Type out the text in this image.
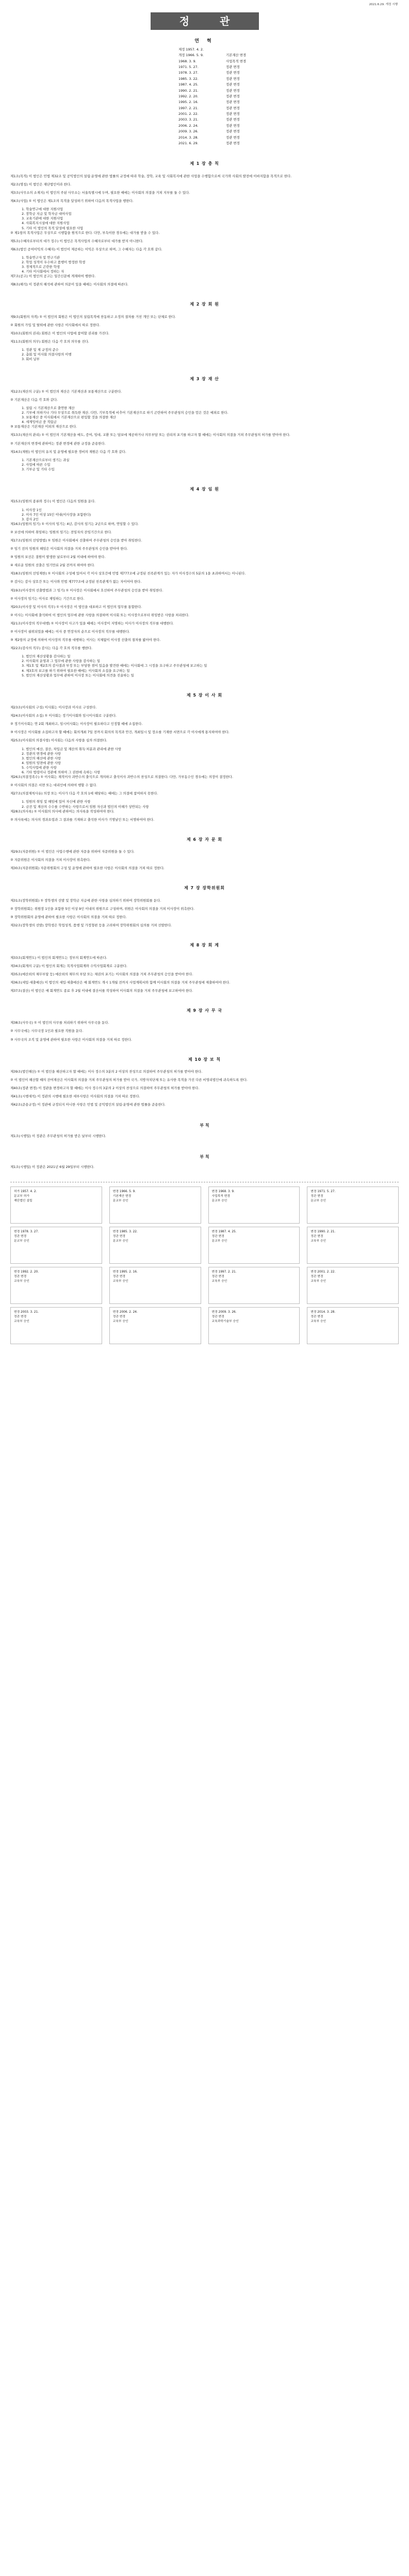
2021.6.29. 개정 시행
정 관
연 혁
제정 1957. 4. 2.
개정 1966. 5. 9.	기본재산 변경
1968. 3. 9.	사업목적 변경
1971. 5. 27.	정관 변경
1978. 3. 27.	정관 변경
1985. 3. 22.	정관 변경
1987. 4. 25.	정관 변경
1990. 2. 21.	정관 변경
1992. 2. 20.	정관 변경
1995. 2. 16.	정관 변경
1997. 2. 21.	정관 변경
2001. 2. 22.	정관 변경
2003. 3. 21.	정관 변경
2006. 2. 24.	정관 변경
2009. 3. 26.	정관 변경
2014. 3. 28.	정관 변경
2021. 6. 29.	정관 변경
제 1 장 총 칙
제1조(목적) 이 법인은 민법 제32조 및 공익법인의 설립·운영에 관한 법률의 규정에 따라 학술, 장학, 교육 및 사회복지에 관한 사업을 수행함으로써 국가와 사회의 발전에 이바지함을 목적으로 한다.
제2조(명칭) 이 법인은 재단법인이라 한다.
제3조(사무소의 소재지) 이 법인의 주된 사무소는 서울특별시에 두며, 필요한 때에는 이사회의 의결을 거쳐 지부를 둘 수 있다.
제4조(사업) ① 이 법인은 제1조의 목적을 달성하기 위하여 다음의 목적사업을 행한다.
1. 학술연구에 대한 지원사업
2. 장학금 지급 및 학자금 대여사업
3. 교육기관에 대한 지원사업
4. 사회복지시설에 대한 지원사업
5. 기타 이 법인의 목적 달성에 필요한 사업
② 제1항의 목적사업은 무상으로 시행함을 원칙으로 한다. 다만, 부득이한 경우에는 대가를 받을 수 있다.
제5조(수혜자로부터의 대가 징수) 이 법인은 목적사업의 수혜자로부터 대가를 받지 아니한다.
제6조(법인 공여이익의 수혜자) 이 법인이 제공하는 이익은 무상으로 하며, 그 수혜자는 다음 각 호와 같다.
1. 학술연구자 및 연구기관
2. 학업 성적이 우수하고 품행이 방정한 학생
3. 경제적으로 곤란한 학생
4. 기타 이사회에서 정하는 자
제7조(공고) 이 법인의 공고는 일간신문에 게재하여 행한다.
제8조(해석) 이 정관의 해석에 관하여 의문이 있을 때에는 이사회의 의결에 따른다.
제 2 장 회 원
제9조(회원의 자격) ① 이 법인의 회원은 이 법인의 설립목적에 찬동하고 소정의 절차를 거친 개인 또는 단체로 한다.
② 회원의 가입 및 탈퇴에 관한 사항은 이사회에서 따로 정한다.
제10조(회원의 권리) 회원은 이 법인의 사업에 참여할 권리를 가진다.
제11조(회원의 의무) 회원은 다음 각 호의 의무를 진다.
1. 정관 및 제 규정의 준수
2. 총회 및 이사회 의결사항의 이행
3. 회비 납부
제 3 장 재 산
제12조(재산의 구분) ① 이 법인의 재산은 기본재산과 보통재산으로 구분한다.
② 기본재산은 다음 각 호와 같다.
1. 설립 시 기본재산으로 출연한 재산
2. 기부에 의하거나 기타 무상으로 취득한 재산. 다만, 기부목적에 비추어 기본재산으로 하기 곤란하여 주무관청의 승인을 얻은 것은 예외로 한다.
3. 보통재산 중 이사회에서 기본재산으로 편입할 것을 의결한 재산
4. 세계잉여금 중 적립금
③ 보통재산은 기본재산 이외의 재산으로 한다.
제13조(재산의 관리) ① 이 법인의 기본재산을 매도, 증여, 임대, 교환 또는 담보에 제공하거나 의무부담 또는 권리의 포기를 하고자 할 때에는 이사회의 의결을 거쳐 주무관청의 허가를 받아야 한다.
② 기본재산의 변경에 관하여는 정관 변경에 관한 규정을 준용한다.
제14조(재원) 이 법인의 유지 및 운영에 필요한 경비의 재원은 다음 각 호와 같다.
1. 기본재산으로부터 생기는 과실
2. 사업에 따른 수입
3. 기부금 및 기타 수입
제 4 장 임 원
제15조(임원의 종류와 정수) 이 법인은 다음의 임원을 둔다.
1. 이사장 1인
2. 이사 7인 이상 15인 이내(이사장을 포함한다)
3. 감사 2인
제16조(임원의 임기) ① 이사의 임기는 4년, 감사의 임기는 2년으로 하며, 연임할 수 있다.
② 보선에 의하여 취임하는 임원의 임기는 전임자의 잔임기간으로 한다.
제17조(임원의 선임방법) ① 임원은 이사회에서 선출하여 주무관청의 승인을 받아 취임한다.
② 임기 전의 임원의 해임은 이사회의 의결을 거쳐 주무관청의 승인을 받아야 한다.
③ 임원의 보선은 결원이 발생한 날로부터 2월 이내에 하여야 한다.
④ 새로운 임원의 선출은 임기만료 2월 전까지 하여야 한다.
제18조(임원의 선임제한) ① 이사회의 구성에 있어서 각 이사 상호간에 민법 제777조에 규정된 친족관계가 있는 자가 이사정수의 5분의 1을 초과하여서는 아니된다.
② 감사는 감사 상호간 또는 이사와 민법 제777조에 규정된 친족관계가 없는 자이어야 한다.
제19조(이사장의 선출방법과 그 임기) ① 이사장은 이사회에서 호선하여 주무관청의 승인을 받아 취임한다.
② 이사장의 임기는 이사로 재임하는 기간으로 한다.
제20조(이사장 및 이사의 직무) ① 이사장은 이 법인을 대표하고 이 법인의 업무를 통할한다.
② 이사는 이사회에 출석하여 이 법인의 업무에 관한 사항을 의결하며 이사회 또는 이사장으로부터 위임받은 사항을 처리한다.
제21조(이사장의 직무대행) ① 이사장이 사고가 있을 때에는 이사장이 지명하는 이사가 이사장의 직무를 대행한다.
② 이사장이 궐위되었을 때에는 이사 중 연장자의 순으로 이사장의 직무를 대행한다.
③ 제2항의 규정에 의하여 이사장의 직무를 대행하는 이사는 지체없이 이사장 선출의 절차를 밟아야 한다.
제22조(감사의 직무) 감사는 다음 각 호의 직무를 행한다.
1. 법인의 재산상황을 감사하는 일
2. 이사회의 운영과 그 업무에 관한 사항을 감사하는 일
3. 제1호 및 제2호의 감사결과 부정 또는 부당한 점이 있음을 발견한 때에는 이사회에 그 시정을 요구하고 주무관청에 보고하는 일
4. 제3호의 보고를 하기 위하여 필요한 때에는 이사회의 소집을 요구하는 일
5. 법인의 재산상황과 업무에 관하여 이사장 또는 이사회에 의견을 진술하는 일
제 5 장 이 사 회
제23조(이사회의 구성) 이사회는 이사장과 이사로 구성한다.
제24조(이사회의 소집) ① 이사회는 정기이사회와 임시이사회로 구분한다.
② 정기이사회는 연 2회 개최하고, 임시이사회는 이사장이 필요하다고 인정할 때에 소집한다.
③ 이사장은 이사회를 소집하고자 할 때에는 회의개최 7일 전까지 회의의 목적과 안건, 개최일시 및 장소를 기재한 서면으로 각 이사에게 통지하여야 한다.
제25조(이사회의 의결사항) 이사회는 다음의 사항을 심의·의결한다.
1. 법인의 예산, 결산, 차입금 및 재산의 취득·처분과 관리에 관한 사항
2. 정관의 변경에 관한 사항
3. 법인의 해산에 관한 사항
4. 임원의 임면에 관한 사항
5. 수익사업에 관한 사항
6. 기타 법령이나 정관에 의하여 그 권한에 속하는 사항
제26조(의결정족수) ① 이사회는 재적이사 과반수의 출석으로 개의하고 출석이사 과반수의 찬성으로 의결한다. 다만, 가부동수인 경우에는 의장이 결정한다.
② 이사회의 의결은 서면 또는 대리인에 의하여 행할 수 없다.
제27조(의결제척사유) 의장 또는 이사가 다음 각 호의 1에 해당하는 때에는 그 의결에 참여하지 못한다.
1. 임원의 취임 및 해임에 있어 자신에 관한 사항
2. 금전 및 재산의 수수를 수반하는 사항으로서 임원 자신과 법인의 이해가 상반되는 사항
제28조(의사록) ① 이사회의 의사에 관하여는 의사록을 작성하여야 한다.
② 의사록에는 의사의 경과요령과 그 결과를 기재하고 출석한 이사가 기명날인 또는 서명하여야 한다.
제 6 장 자 문 회
제29조(자문위원) ① 이 법인은 사업수행에 관한 자문을 위하여 자문위원을 둘 수 있다.
② 자문위원은 이사회의 의결을 거쳐 이사장이 위촉한다.
제30조(자문위원회) 자문위원회의 구성 및 운영에 관하여 필요한 사항은 이사회의 의결을 거쳐 따로 정한다.
제 7 장 장학위원회
제31조(장학위원회) ① 장학생의 선발 및 장학금 지급에 관한 사항을 심의하기 위하여 장학위원회를 둔다.
② 장학위원회는 위원장 1인을 포함한 5인 이상 9인 이내의 위원으로 구성하며, 위원은 이사회의 의결을 거쳐 이사장이 위촉한다.
③ 장학위원회의 운영에 관하여 필요한 사항은 이사회의 의결을 거쳐 따로 정한다.
제32조(장학생의 선발) 장학생은 학업성적, 품행 및 가정형편 등을 고려하여 장학위원회의 심의를 거쳐 선발한다.
제 8 장 회 계
제33조(회계연도) 이 법인의 회계연도는 정부의 회계연도에 따른다.
제34조(회계의 구분) 이 법인의 회계는 목적사업회계와 수익사업회계로 구분한다.
제35조(예산외의 채무부담 등) 예산외의 채무의 부담 또는 채권의 포기는 이사회의 의결을 거쳐 주무관청의 승인을 받아야 한다.
제36조(세입·세출예산) 이 법인의 세입·세출예산은 매 회계연도 개시 1개월 전까지 사업계획서와 함께 이사회의 의결을 거쳐 주무관청에 제출하여야 한다.
제37조(결산) 이 법인은 매 회계연도 종료 후 2월 이내에 결산서를 작성하여 이사회의 의결을 거쳐 주무관청에 보고하여야 한다.
제 9 장 사 무 국
제38조(사무국) ① 이 법인의 사무를 처리하기 위하여 사무국을 둔다.
② 사무국에는 사무국장 1인과 필요한 직원을 둔다.
③ 사무국의 조직 및 운영에 관하여 필요한 사항은 이사회의 의결을 거쳐 따로 정한다.
제 10 장 보 칙
제39조(법인해산) ① 이 법인을 해산하고자 할 때에는 이사 정수의 3분의 2 이상의 찬성으로 의결하여 주무관청의 허가를 받아야 한다.
② 이 법인이 해산할 때의 잔여재산은 이사회의 의결을 거쳐 주무관청의 허가를 받아 국가, 지방자치단체 또는 유사한 목적을 가진 다른 비영리법인에 귀속하도록 한다.
제40조(정관 변경) 이 정관을 변경하고자 할 때에는 이사 정수의 3분의 2 이상의 찬성으로 의결하여 주무관청의 허가를 받아야 한다.
제41조(시행세칙) 이 정관의 시행에 필요한 세부사항은 이사회의 의결을 거쳐 따로 정한다.
제42조(준용규정) 이 정관에 규정되지 아니한 사항은 민법 및 공익법인의 설립·운영에 관한 법률을 준용한다.
부 칙
제1조(시행일) 이 정관은 주무관청의 허가를 받은 날부터 시행한다.
부 칙
제1조(시행일) 이 정관은 2021년 6월 29일부터 시행한다.
허가 1957. 4. 2.
문교부 허가
재단법인 설립
변경 1966. 5. 9.
기본재산 변경
문교부 승인
변경 1968. 3. 9.
사업목적 변경
문교부 승인
변경 1971. 5. 27.
정관 변경
문교부 승인
변경 1978. 3. 27.
정관 변경
문교부 승인
변경 1985. 3. 22.
정관 변경
문교부 승인
변경 1987. 4. 25.
정관 변경
문교부 승인
변경 1990. 2. 21.
정관 변경
교육부 승인
변경 1992. 2. 20.
정관 변경
교육부 승인
변경 1995. 2. 16.
정관 변경
교육부 승인
변경 1997. 2. 21.
정관 변경
교육부 승인
변경 2001. 2. 22.
정관 변경
교육부 승인
변경 2003. 3. 21.
정관 변경
교육부 승인
변경 2006. 2. 24.
정관 변경
교육부 승인
변경 2009. 3. 26.
정관 변경
교육과학기술부 승인
변경 2014. 3. 28.
정관 변경
교육부 승인
